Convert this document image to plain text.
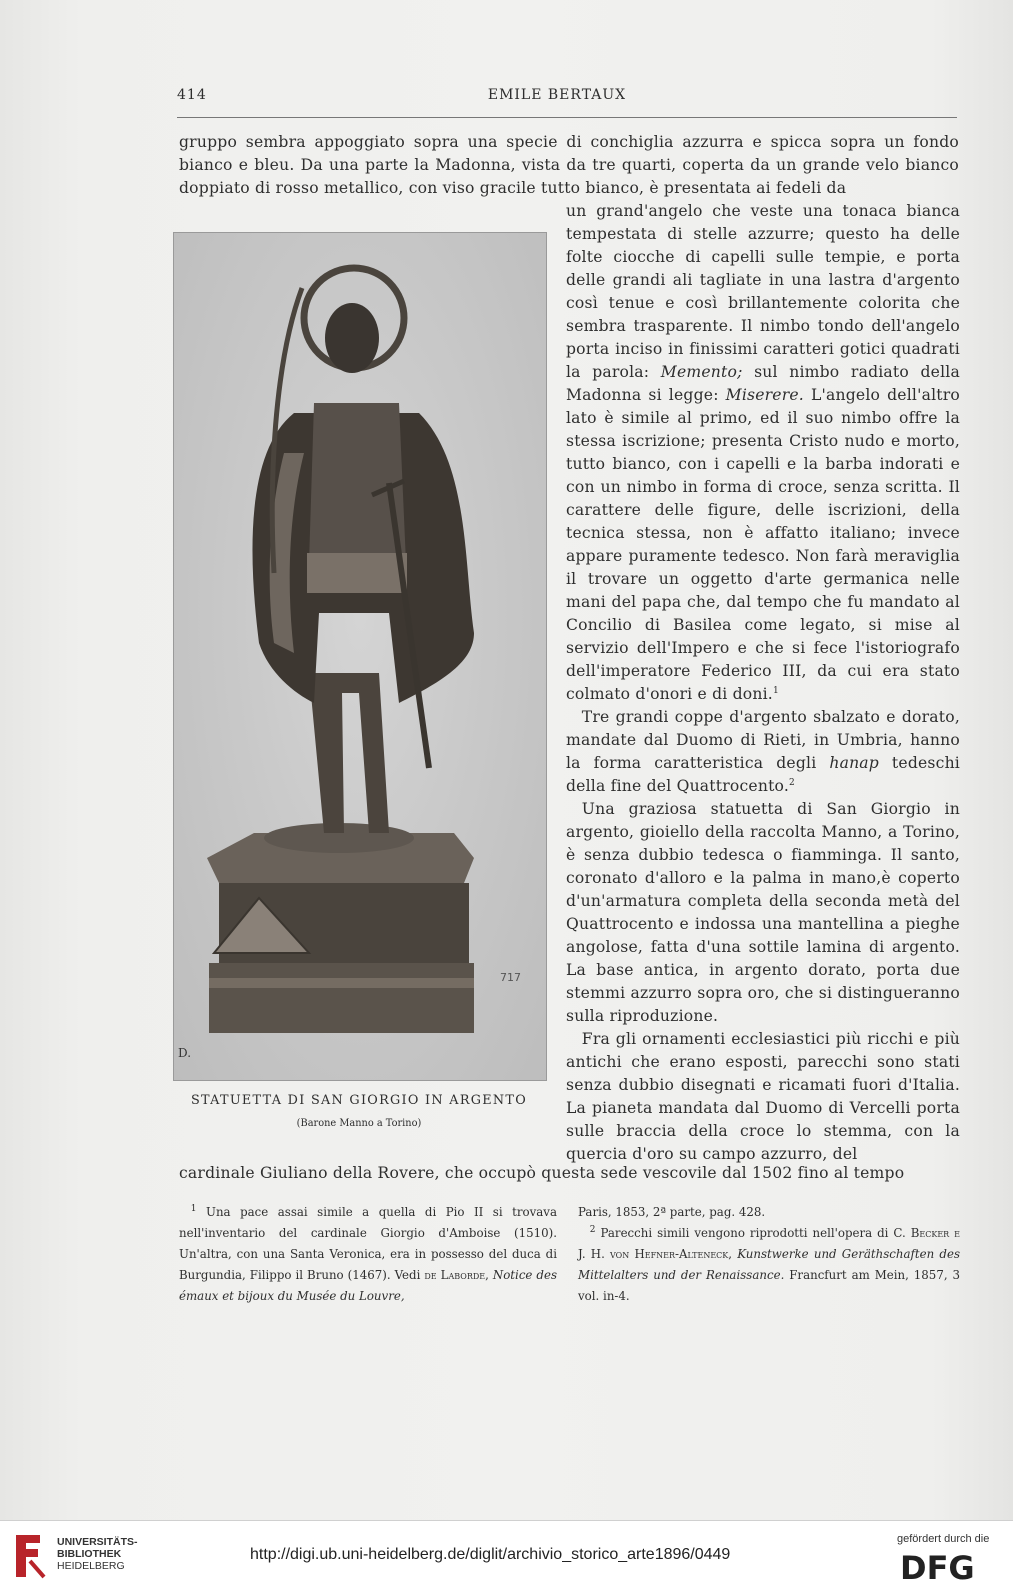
414	EMILE BERTAUX

gruppo sembra appoggiato sopra una specie di conchiglia azzurra e spicca sopra un fondo bianco e bleu. Da una parte la Madonna, vista da tre quarti, coperta da un grande velo bianco doppiato di rosso metallico, con viso gracile tutto bianco, è presentata ai fedeli da

D.
717

un grand'angelo che veste una tonaca bianca tempestata di stelle azzurre; questo ha delle folte ciocche di capelli sulle tempie, e porta delle grandi ali tagliate in una lastra d'argento così tenue e così brillantemente colorita che sembra trasparente. Il nimbo tondo dell'angelo porta inciso in finissimi caratteri gotici quadrati la parola: Memento; sul nimbo radiato della Madonna si legge: Miserere. L'angelo dell'altro lato è simile al primo, ed il suo nimbo offre la stessa iscrizione; presenta Cristo nudo e morto, tutto bianco, con i capelli e la barba indorati e con un nimbo in forma di croce, senza scritta. Il carattere delle figure, delle iscrizioni, della tecnica stessa, non è affatto italiano; invece appare puramente tedesco. Non farà meraviglia il trovare un oggetto d'arte germanica nelle mani del papa che, dal tempo che fu mandato al Concilio di Basilea come legato, si mise al servizio dell'Impero e che si fece l'istoriografo dell'imperatore Federico III, da cui era stato colmato d'onori e di doni.$^1$
 Tre grandi coppe d'argento sbalzato e dorato, mandate dal Duomo di Rieti, in Umbria, hanno la forma caratteristica degli hanap tedeschi della fine del Quattrocento.$^2$
 Una graziosa statuetta di San Giorgio in argento, gioiello della raccolta Manno, a Torino, è senza dubbio tedesca o fiamminga. Il santo, coronato d'alloro e la palma in mano,è coperto d'un'armatura completa della seconda metà del Quattrocento e indossa una mantellina a pieghe angolose, fatta d'una sottile lamina di argento. La base antica, in argento dorato, porta due stemmi azzurro sopra oro, che si distingueranno sulla riproduzione.
 Fra gli ornamenti ecclesiastici più ricchi e più antichi che erano esposti, parecchi sono stati senza dubbio disegnati e ricamati fuori d'Italia. La pianeta mandata dal Duomo di Vercelli porta sulle braccia della croce lo stemma, con la quercia d'oro su campo azzurro, del

STATUETTA DI SAN GIORGIO IN ARGENTO
(Barone Manno a Torino)

cardinale Giuliano della Rovere, che occupò questa sede vescovile dal 1502 fino al tempo

 $^1$ Una pace assai simile a quella di Pio II si trovava nell'inventario del cardinale Giorgio d'Amboise (1510). Un'altra, con una Santa Veronica, era in possesso del duca di Burgundia, Filippo il Bruno (1467). Vedi de Laborde, Notice des émaux et bijoux du Musée du Louvre,

Paris, 1853, 2ª parte, pag. 428.
 $^2$ Parecchi simili vengono riprodotti nell'opera di C. Becker e J. H. von Hefner-Alteneck, Kunstwerke und Geräthschaften des Mittelalters und der Renaissance. Francfurt am Mein, 1857, 3 vol. in-4.

UNIVERSITÄTS-
BIBLIOTHEK
HEIDELBERG
http://digi.ub.uni-heidelberg.de/diglit/archivio_storico_arte1896/0449
gefördert durch die
DFG
